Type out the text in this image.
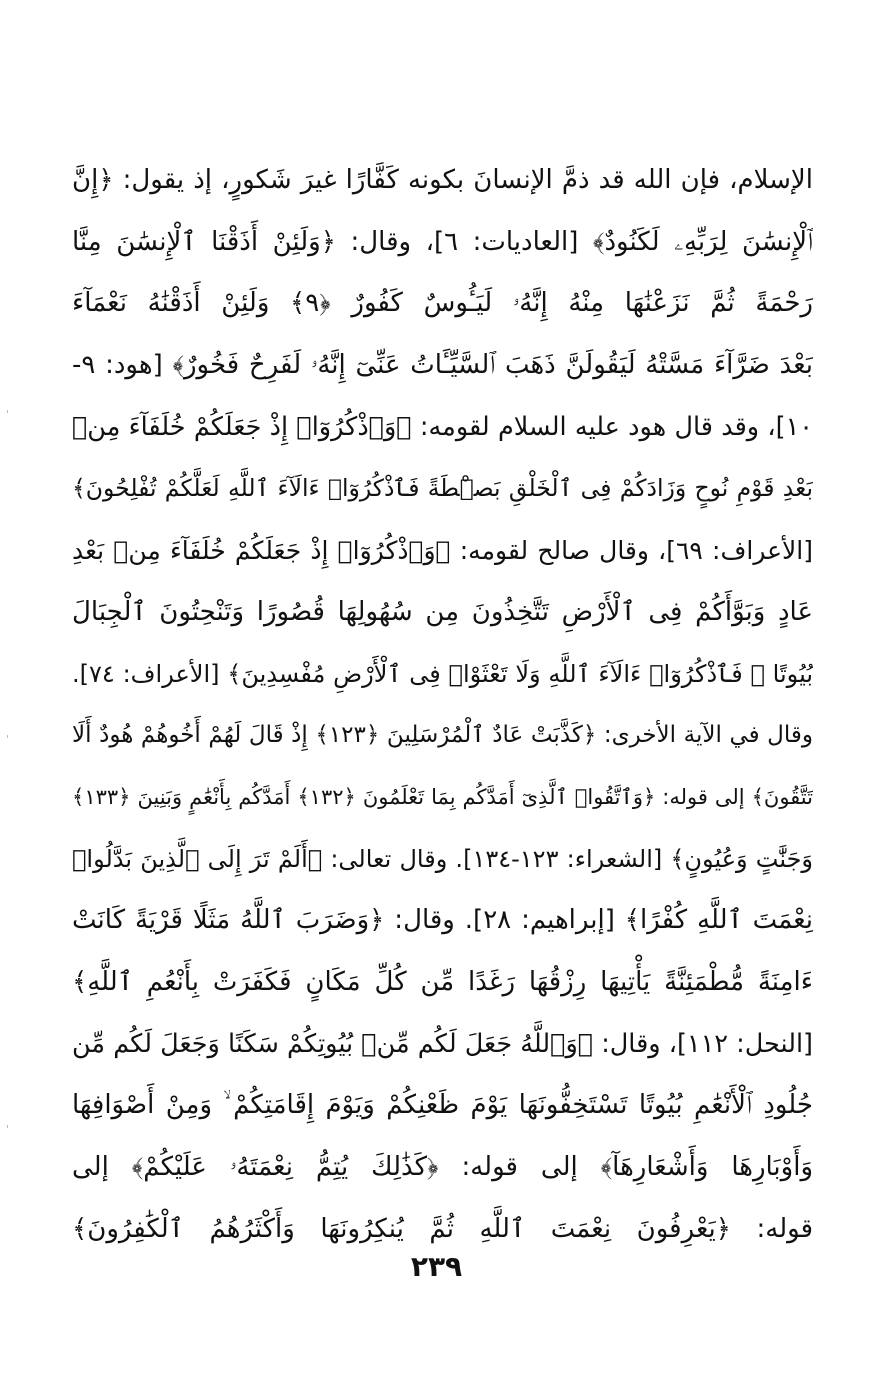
الإسلام، فإن الله قد ذمَّ الإنسانَ بكونه كَفَّارًا غيرَ شَكورٍ، إذ يقول: ﴿إِنَّ
ٱلْإِنسَٰنَ لِرَبِّهِۦ لَكَنُودٌ﴾ [العاديات: ٦]، وقال: ﴿وَلَئِنْ أَذَقْنَا ٱلْإِنسَٰنَ مِنَّا
رَحْمَةً ثُمَّ نَزَعْنَٰهَا مِنْهُ إِنَّهُۥ لَيَـُٔوسٌ كَفُورٌ ﴿٩﴾ وَلَئِنْ أَذَقْنَٰهُ نَعْمَآءَ
بَعْدَ ضَرَّآءَ مَسَّتْهُ لَيَقُولَنَّ ذَهَبَ ٱلسَّيِّـَٔاتُ عَنِّىٓ إِنَّهُۥ لَفَرِحٌ فَخُورٌ﴾ [هود: ٩-
١٠]، وقد قال هود عليه السلام لقومه: ﴿وَٱذْكُرُوٓا۟ إِذْ جَعَلَكُمْ خُلَفَآءَ مِنۢ
بَعْدِ قَوْمِ نُوحٍ وَزَادَكُمْ فِى ٱلْخَلْقِ بَصْۜطَةً فَٱذْكُرُوٓا۟ ءَالَآءَ ٱللَّهِ لَعَلَّكُمْ تُفْلِحُونَ﴾
[الأعراف: ٦٩]، وقال صالح لقومه: ﴿وَٱذْكُرُوٓا۟ إِذْ جَعَلَكُمْ خُلَفَآءَ مِنۢ بَعْدِ
عَادٍ وَبَوَّأَكُمْ فِى ٱلْأَرْضِ تَتَّخِذُونَ مِن سُهُولِهَا قُصُورًا وَتَنْحِتُونَ ٱلْجِبَالَ
بُيُوتًا ۖ فَٱذْكُرُوٓا۟ ءَالَآءَ ٱللَّهِ وَلَا تَعْثَوْا۟ فِى ٱلْأَرْضِ مُفْسِدِينَ﴾ [الأعراف: ٧٤].
وقال في الآية الأخرى: ﴿كَذَّبَتْ عَادٌ ٱلْمُرْسَلِينَ ﴿١٢٣﴾ إِذْ قَالَ لَهُمْ أَخُوهُمْ هُودٌ أَلَا
تَتَّقُونَ﴾ إلى قوله: ﴿وَٱتَّقُوا۟ ٱلَّذِىٓ أَمَدَّكُم بِمَا تَعْلَمُونَ ﴿١٣٢﴾ أَمَدَّكُم بِأَنْعَٰمٍ وَبَنِينَ ﴿١٣٣﴾
وَجَنَّٰتٍ وَعُيُونٍ﴾ [الشعراء: ١٢٣-١٣٤]. وقال تعالى: ﴿أَلَمْ تَرَ إِلَى ٱلَّذِينَ بَدَّلُوا۟
نِعْمَتَ ٱللَّهِ كُفْرًا﴾ [إبراهيم: ٢٨]. وقال: ﴿وَضَرَبَ ٱللَّهُ مَثَلًا قَرْيَةً كَانَتْ
ءَامِنَةً مُّطْمَئِنَّةً يَأْتِيهَا رِزْقُهَا رَغَدًا مِّن كُلِّ مَكَانٍ فَكَفَرَتْ بِأَنْعُمِ ٱللَّهِ﴾
[النحل: ١١٢]، وقال: ﴿وَٱللَّهُ جَعَلَ لَكُم مِّنۢ بُيُوتِكُمْ سَكَنًا وَجَعَلَ لَكُم مِّن
جُلُودِ ٱلْأَنْعَٰمِ بُيُوتًا تَسْتَخِفُّونَهَا يَوْمَ ظَعْنِكُمْ وَيَوْمَ إِقَامَتِكُمْ ۙ وَمِنْ أَصْوَافِهَا
وَأَوْبَارِهَا وَأَشْعَارِهَآ﴾ إلى قوله: ﴿كَذَٰلِكَ يُتِمُّ نِعْمَتَهُۥ عَلَيْكُمْ﴾ إلى
قوله: ﴿يَعْرِفُونَ نِعْمَتَ ٱللَّهِ ثُمَّ يُنكِرُونَهَا وَأَكْثَرُهُمُ ٱلْكَٰفِرُونَ﴾
٢٣٩
